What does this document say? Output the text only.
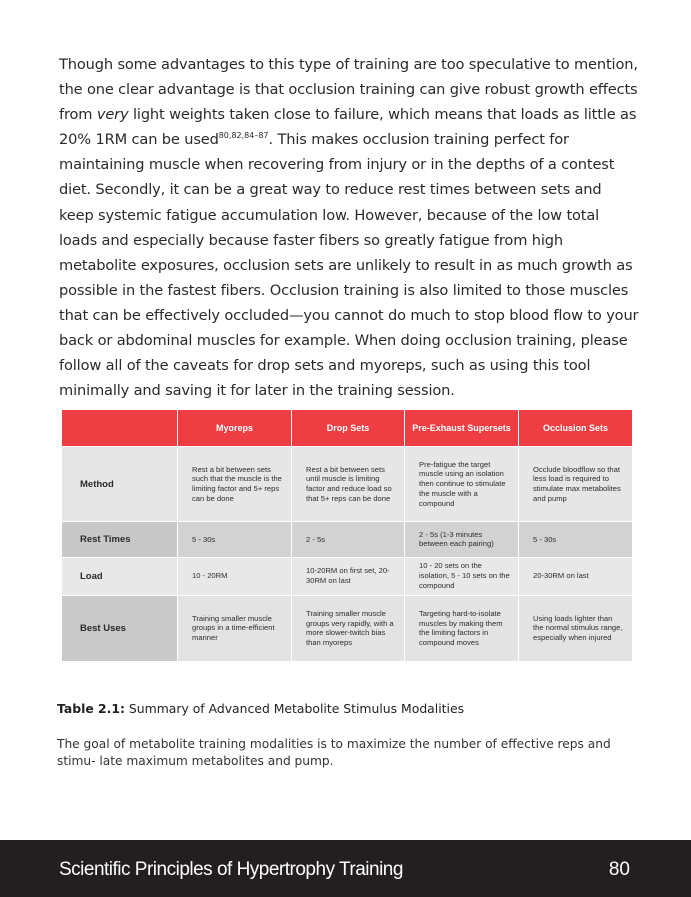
Though some advantages to this type of training are too speculative to mention, the one clear advantage is that occlusion training can give robust growth effects from very light weights taken close to failure, which means that loads as little as 20% 1RM can be used$^{80,82,84-87}$. This makes occlusion training perfect for maintaining muscle when recovering from injury or in the depths of a contest diet. Secondly, it can be a great way to reduce rest times between sets and keep systemic fatigue accumulation low. However, because of the low total loads and especially because faster fibers so greatly fatigue from high metabolite exposures, occlusion sets are unlikely to result in as much growth as possible in the fastest fibers. Occlusion training is also limited to those muscles that can be effectively occluded—you cannot do much to stop blood flow to your back or abdominal muscles for example. When doing occlusion training, please follow all of the caveats for drop sets and myoreps, such as using this tool minimally and saving it for later in the training session.

	Myoreps	Drop Sets	Pre-Exhaust Supersets	Occlusion Sets
Method	Rest a bit between sets such that the muscle is the limiting factor and 5+ reps can be done	Rest a bit between sets until muscle is limiting factor and reduce load so that 5+ reps can be done	Pre-fatigue the target muscle using an isolation then continue to stimulate the muscle with a compound	Occlude bloodflow so that less load is required to stimulate max metabolites and pump
Rest Times	5 - 30s	2 - 5s	2 - 5s (1-3 minutes between each pairing)	5 - 30s
Load	10 - 20RM	10-20RM on first set, 20-30RM on last	10 - 20 sets on the isolation, 5 - 10 sets on the compound	20-30RM on last
Best Uses	Training smaller muscle groups in a time-efficient manner	Training smaller muscle groups very rapidly, with a more slower-twitch bias than myoreps	Targeting hard-to-isolate muscles by making them the limiting factors in compound moves	Using loads lighter than the normal stimulus range, especially when injured
Table 2.1: Summary of Advanced Metabolite Stimulus Modalities
The goal of metabolite training modalities is to maximize the number of effective reps and stimu- late maximum metabolites and pump.
Scientific Principles of Hypertrophy Training	80
